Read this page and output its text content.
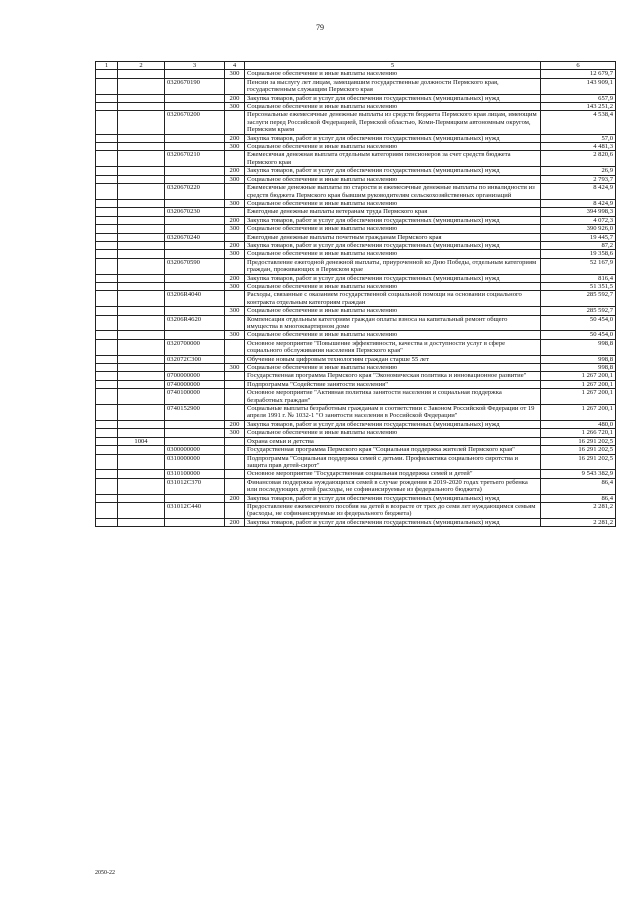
79
1	2	3	4	5	6
			300	Социальное обеспечение и иные выплаты населению	12 679,7
		0320670190		Пенсии за выслугу лет лицам, замещавшим государственные должности Пермского края, государственным служащим Пермского края	143 909,1
			200	Закупка товаров, работ и услуг для обеспечения государственных (муниципальных) нужд	657,9
			300	Социальное обеспечение и иные выплаты населению	143 251,2
		0320670200		Персональные ежемесячные денежные выплаты из средств бюджета Пермского края лицам, имеющим заслуги перед Российской Федерацией, Пермской областью, Коми-Пермяцким автономным округом, Пермским краем	4 538,4
			200	Закупка товаров, работ и услуг для обеспечения государственных (муниципальных) нужд	57,0
			300	Социальное обеспечение и иные выплаты населению	4 481,3
		0320670210		Ежемесячная денежная выплата отдельным категориям пенсионеров за счет средств бюджета Пермского края	2 820,6
			200	Закупка товаров, работ и услуг для обеспечения государственных (муниципальных) нужд	26,9
			300	Социальное обеспечение и иные выплаты населению	2 793,7
		0320670220		Ежемесячные денежные выплаты по старости и ежемесячные денежные выплаты по инвалидности из средств бюджета Пермского края бывшим руководителям сельскохозяйственных организаций	8 424,9
			300	Социальное обеспечение и иные выплаты населению	8 424,9
		0320670230		Ежегодные денежные выплаты ветеранам труда Пермского края	394 998,3
			200	Закупка товаров, работ и услуг для обеспечения государственных (муниципальных) нужд	4 072,3
			300	Социальное обеспечение и иные выплаты населению	390 926,0
		0320670240		Ежегодные денежные выплаты почетным гражданам Пермского края	19 445,7
			200	Закупка товаров, работ и услуг для обеспечения государственных (муниципальных) нужд	87,2
			300	Социальное обеспечение и иные выплаты населению	19 358,6
		0320670590		Предоставление ежегодной денежной выплаты, приуроченной ко Дню Победы, отдельным категориям граждан, проживающих в Пермском крае	52 167,9
			200	Закупка товаров, работ и услуг для обеспечения государственных (муниципальных) нужд	816,4
			300	Социальное обеспечение и иные выплаты населению	51 351,5
		03206R4040		Расходы, связанные с оказанием государственной социальной помощи на основании социального контракта отдельным категориям граждан	285 592,7
			300	Социальное обеспечение и иные выплаты населению	285 592,7
		03206R4620		Компенсация отдельным категориям граждан оплаты взноса на капитальный ремонт общего имущества в многоквартирном доме	50 454,0
			300	Социальное обеспечение и иные выплаты населению	50 454,0
		0320700000		Основное мероприятие "Повышение эффективности, качества и доступности услуг в сфере социального обслуживания населения Пермского края"	998,8
		032072С300		Обучение новым цифровым технологиям граждан старше 55 лет	998,8
			300	Социальное обеспечение и иные выплаты населению	998,8
		0700000000		Государственная программа Пермского края "Экономическая политика и инновационное развитие"	1 267 200,1
		0740000000		Подпрограмма "Содействие занятости населения"	1 267 200,1
		0740100000		Основное мероприятие "Активная политика занятости населения и социальная поддержка безработных граждан"	1 267 200,1
		0740152900		Социальные выплаты безработным гражданам в соответствии с Законом Российской Федерации от 19 апреля 1991 г. № 1032-1 "О занятости населения в Российской Федерации"	1 267 200,1
			200	Закупка товаров, работ и услуг для обеспечения государственных (муниципальных) нужд	480,0
			300	Социальное обеспечение и иные выплаты населению	1 266 720,1
	1004			Охрана семьи и детства	16 291 202,5
		0300000000		Государственная программа Пермского края "Социальная поддержка жителей Пермского края"	16 291 202,5
		0310000000		Подпрограмма "Социальная поддержка семей с детьми. Профилактика социального сиротства и защита прав детей-сирот"	16 291 202,5
		0310100000		Основное мероприятие "Государственная социальная поддержка семей и детей"	9 543 382,9
		031012С370		Финансовая поддержка нуждающихся семей в случае рождения в 2019-2020 годах третьего ребенка или последующих детей (расходы, не софинансируемые из федерального бюджета)	86,4
			200	Закупка товаров, работ и услуг для обеспечения государственных (муниципальных) нужд	86,4
		031012С440		Предоставление ежемесячного пособия на детей в возрасте от трех до семи лет нуждающимся семьям (расходы, не софинансируемые из федерального бюджета)	2 281,2
			200	Закупка товаров, работ и услуг для обеспечения государственных (муниципальных) нужд	2 281,2
2050-22
